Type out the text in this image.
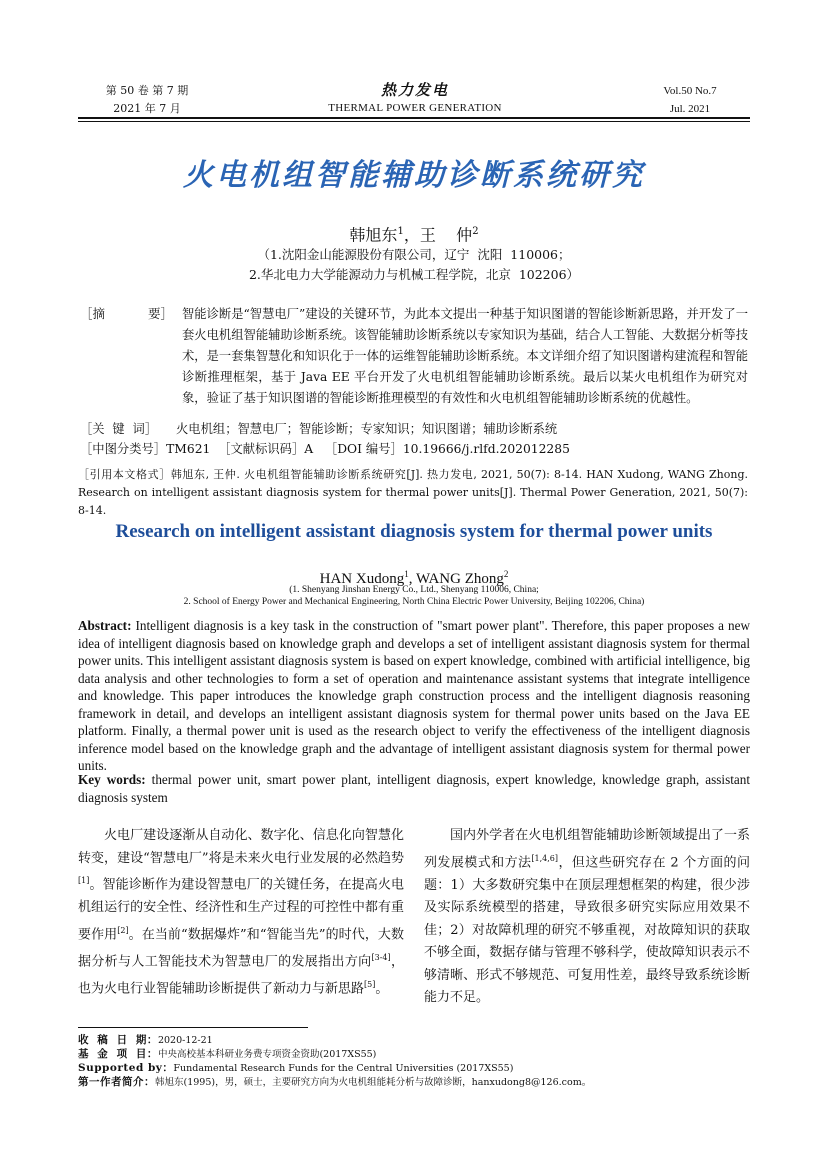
第 50 卷 第 7 期
2021 年 7 月
热力发电
THERMAL POWER GENERATION
Vol.50 No.7
Jul. 2021
火电机组智能辅助诊断系统研究
韩旭东$^1$，王    仲$^2$
（1.沈阳金山能源股份有限公司，辽宁  沈阳  110006；
2.华北电力大学能源动力与机械工程学院，北京  102206）
［摘	要］ 智能诊断是“智慧电厂”建设的关键环节，为此本文提出一种基于知识图谱的智能诊断新思路，并开发了一套火电机组智能辅助诊断系统。该智能辅助诊断系统以专家知识为基础，结合人工智能、大数据分析等技术，是一套集智慧化和知识化于一体的运维智能辅助诊断系统。本文详细介绍了知识图谱构建流程和智能诊断推理框架，基于 Java EE 平台开发了火电机组智能辅助诊断系统。最后以某火电机组作为研究对象，验证了基于知识图谱的智能诊断推理模型的有效性和火电机组智能辅助诊断系统的优越性。
［关  键  词］ 火电机组；智慧电厂；智能诊断；专家知识；知识图谱；辅助诊断系统
［中图分类号］TM621 ［文献标识码］A ［DOI 编号］10.19666/j.rlfd.202012285
［引用本文格式］韩旭东, 王仲. 火电机组智能辅助诊断系统研究[J]. 热力发电, 2021, 50(7): 8-14. HAN Xudong, WANG Zhong. Research on intelligent assistant diagnosis system for thermal power units[J]. Thermal Power Generation, 2021, 50(7): 8-14.
Research on intelligent assistant diagnosis system for thermal power units
HAN Xudong$^1$, WANG Zhong$^2$
(1. Shenyang Jinshan Energy Co., Ltd., Shenyang 110006, China;
2. School of Energy Power and Mechanical Engineering, North China Electric Power University, Beijing 102206, China)
Abstract: Intelligent diagnosis is a key task in the construction of "smart power plant". Therefore, this paper proposes a new idea of intelligent diagnosis based on knowledge graph and develops a set of intelligent assistant diagnosis system for thermal power units. This intelligent assistant diagnosis system is based on expert knowledge, combined with artificial intelligence, big data analysis and other technologies to form a set of operation and maintenance assistant systems that integrate intelligence and knowledge. This paper introduces the knowledge graph construction process and the intelligent diagnosis reasoning framework in detail, and develops an intelligent assistant diagnosis system for thermal power units based on the Java EE platform. Finally, a thermal power unit is used as the research object to verify the effectiveness of the intelligent diagnosis inference model based on the knowledge graph and the advantage of intelligent assistant diagnosis system for thermal power units.
Key words: thermal power unit, smart power plant, intelligent diagnosis, expert knowledge, knowledge graph, assistant diagnosis system

火电厂建设逐渐从自动化、数字化、信息化向智慧化转变，建设“智慧电厂”将是未来火电行业发展的必然趋势[1]。智能诊断作为建设智慧电厂的关键任务，在提高火电机组运行的安全性、经济性和生产过程的可控性中都有重要作用[2]。在当前“数据爆炸”和“智能当先”的时代，大数据分析与人工智能技术为智慧电厂的发展指出方向[3-4]，也为火电行业智能辅助诊断提供了新动力与新思路[5]。

国内外学者在火电机组智能辅助诊断领域提出了一系列发展模式和方法[1,4,6]，但这些研究存在 2 个方面的问题：1）大多数研究集中在顶层理想框架的构建，很少涉及实际系统模型的搭建，导致很多研究实际应用效果不佳；2）对故障机理的研究不够重视，对故障知识的获取不够全面，数据存储与管理不够科学，使故障知识表示不够清晰、形式不够规范、可复用性差，最终导致系统诊断能力不足。

收  稿  日  期：2020-12-21
基  金  项  目：中央高校基本科研业务费专项资金资助(2017XS55)
Supported by：Fundamental Research Funds for the Central Universities (2017XS55)
第一作者简介：韩旭东(1995)，男，硕士，主要研究方向为火电机组能耗分析与故障诊断，hanxudong8@126.com。
